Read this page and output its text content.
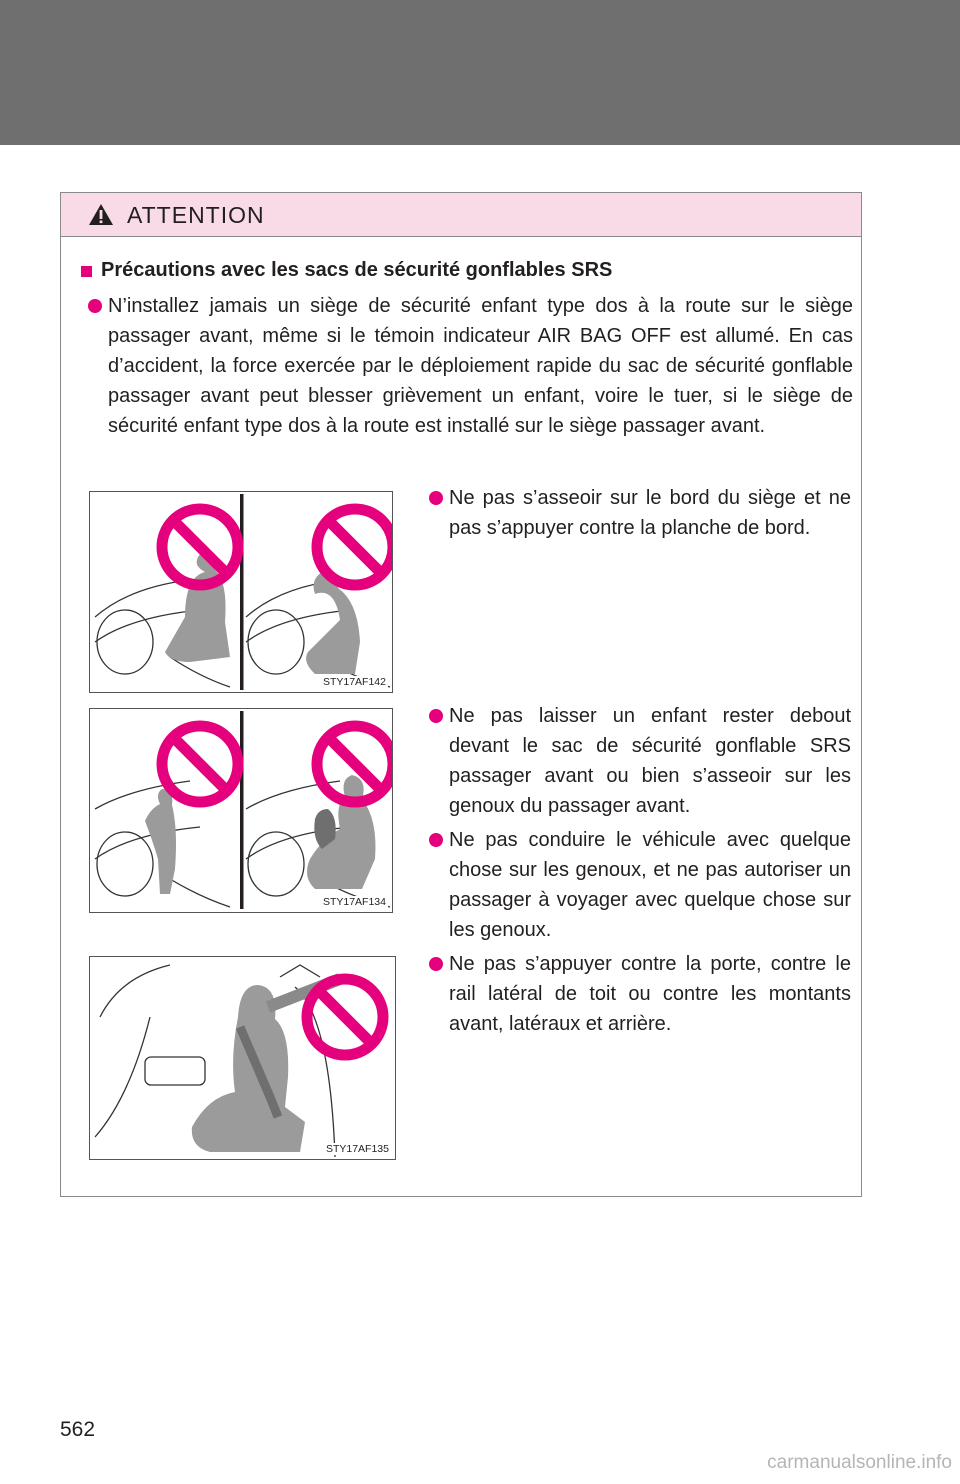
ATTENTION
Précautions avec les sacs de sécurité gonflables SRS
N’installez jamais un siège de sécurité enfant type dos à la route sur le siège passager avant, même si le témoin indicateur AIR BAG OFF est allumé. En cas d’accident, la force exercée par le déploiement rapide du sac de sécurité gonflable passager avant peut blesser grièvement un enfant, voire le tuer, si le siège de sécurité enfant type dos à la route est installé sur le siège passager avant.
STY17AF142
Ne pas s’asseoir sur le bord du siège et ne pas s’appuyer contre la planche de bord.
STY17AF134
Ne pas laisser un enfant rester debout devant le sac de sécurité gonflable SRS passager avant ou bien s’asseoir sur les genoux du passager avant.
Ne pas conduire le véhicule avec quelque chose sur les genoux, et ne pas autoriser un passager à voyager avec quelque chose sur les genoux.
STY17AF135
Ne pas s’appuyer contre la porte, contre le rail latéral de toit ou contre les montants avant, latéraux et arrière.
562
carmanualsonline.info
